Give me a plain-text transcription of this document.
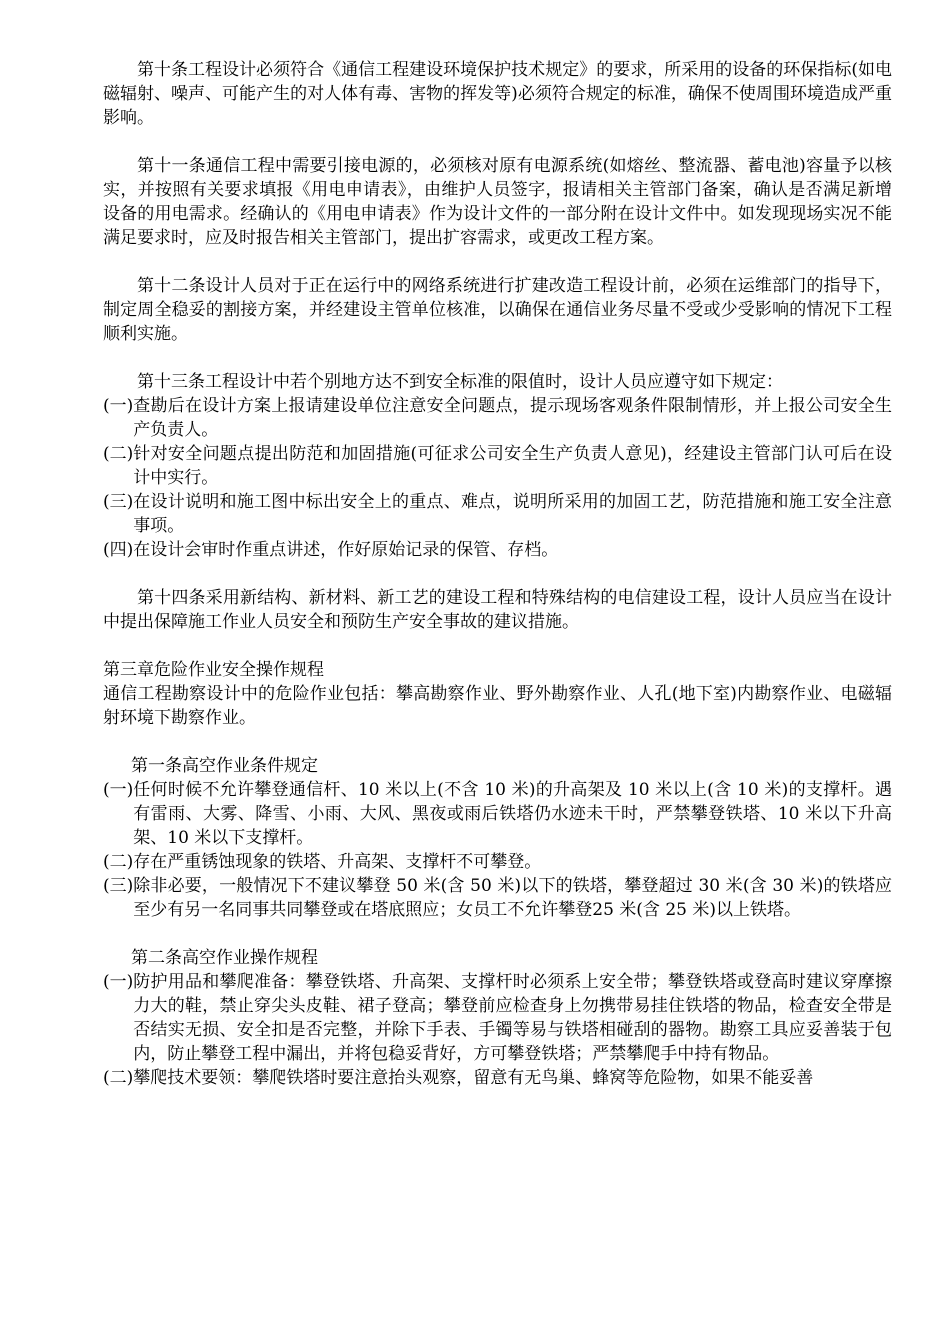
第十条工程设计必须符合《通信工程建设环境保护技术规定》的要求，所采用的设备的环保指标(如电磁辐射、噪声、可能产生的对人体有毒、害物的挥发等)必须符合规定的标准，确保不使周围环境造成严重影响。

第十一条通信工程中需要引接电源的，必须核对原有电源系统(如熔丝、整流器、蓄电池)容量予以核实，并按照有关要求填报《用电申请表》，由维护人员签字，报请相关主管部门备案，确认是否满足新增设备的用电需求。经确认的《用电申请表》作为设计文件的一部分附在设计文件中。如发现现场实况不能满足要求时，应及时报告相关主管部门，提出扩容需求，或更改工程方案。

第十二条设计人员对于正在运行中的网络系统进行扩建改造工程设计前，必须在运维部门的指导下，制定周全稳妥的割接方案，并经建设主管单位核准，以确保在通信业务尽量不受或少受影响的情况下工程顺利实施。

第十三条工程设计中若个别地方达不到安全标准的限值时，设计人员应遵守如下规定：

(一) 查勘后在设计方案上报请建设单位注意安全问题点，提示现场客观条件限制情形，并上报公司安全生产负责人。
(二) 针对安全问题点提出防范和加固措施(可征求公司安全生产负责人意见)，经建设主管部门认可后在设计中实行。
(三) 在设计说明和施工图中标出安全上的重点、难点，说明所采用的加固工艺，防范措施和施工安全注意事项。
(四) 在设计会审时作重点讲述，作好原始记录的保管、存档。

第十四条采用新结构、新材料、新工艺的建设工程和特殊结构的电信建设工程，设计人员应当在设计中提出保障施工作业人员安全和预防生产安全事故的建议措施。

第三章危险作业安全操作规程

通信工程勘察设计中的危险作业包括：攀高勘察作业、野外勘察作业、人孔(地下室)内勘察作业、电磁辐射环境下勘察作业。

第一条高空作业条件规定

(一) 任何时候不允许攀登通信杆、10 米以上(不含 10 米)的升高架及 10 米以上(含 10 米)的支撑杆。遇有雷雨、大雾、降雪、小雨、大风、黑夜或雨后铁塔仍水迹未干时，严禁攀登铁塔、10 米以下升高架、10 米以下支撑杆。
(二) 存在严重锈蚀现象的铁塔、升高架、支撑杆不可攀登。
(三) 除非必要，一般情况下不建议攀登 50 米(含 50 米)以下的铁塔，攀登超过 30 米(含 30 米)的铁塔应至少有另一名同事共同攀登或在塔底照应；女员工不允许攀登25 米(含 25 米)以上铁塔。

第二条高空作业操作规程

(一) 防护用品和攀爬准备：攀登铁塔、升高架、支撑杆时必须系上安全带；攀登铁塔或登高时建议穿摩擦力大的鞋，禁止穿尖头皮鞋、裙子登高；攀登前应检查身上勿携带易挂住铁塔的物品，检查安全带是否结实无损、安全扣是否完整，并除下手表、手镯等易与铁塔相碰刮的器物。勘察工具应妥善装于包内，防止攀登工程中漏出，并将包稳妥背好，方可攀登铁塔；严禁攀爬手中持有物品。
(二) 攀爬技术要领：攀爬铁塔时要注意抬头观察，留意有无鸟巢、蜂窝等危险物，如果不能妥善
